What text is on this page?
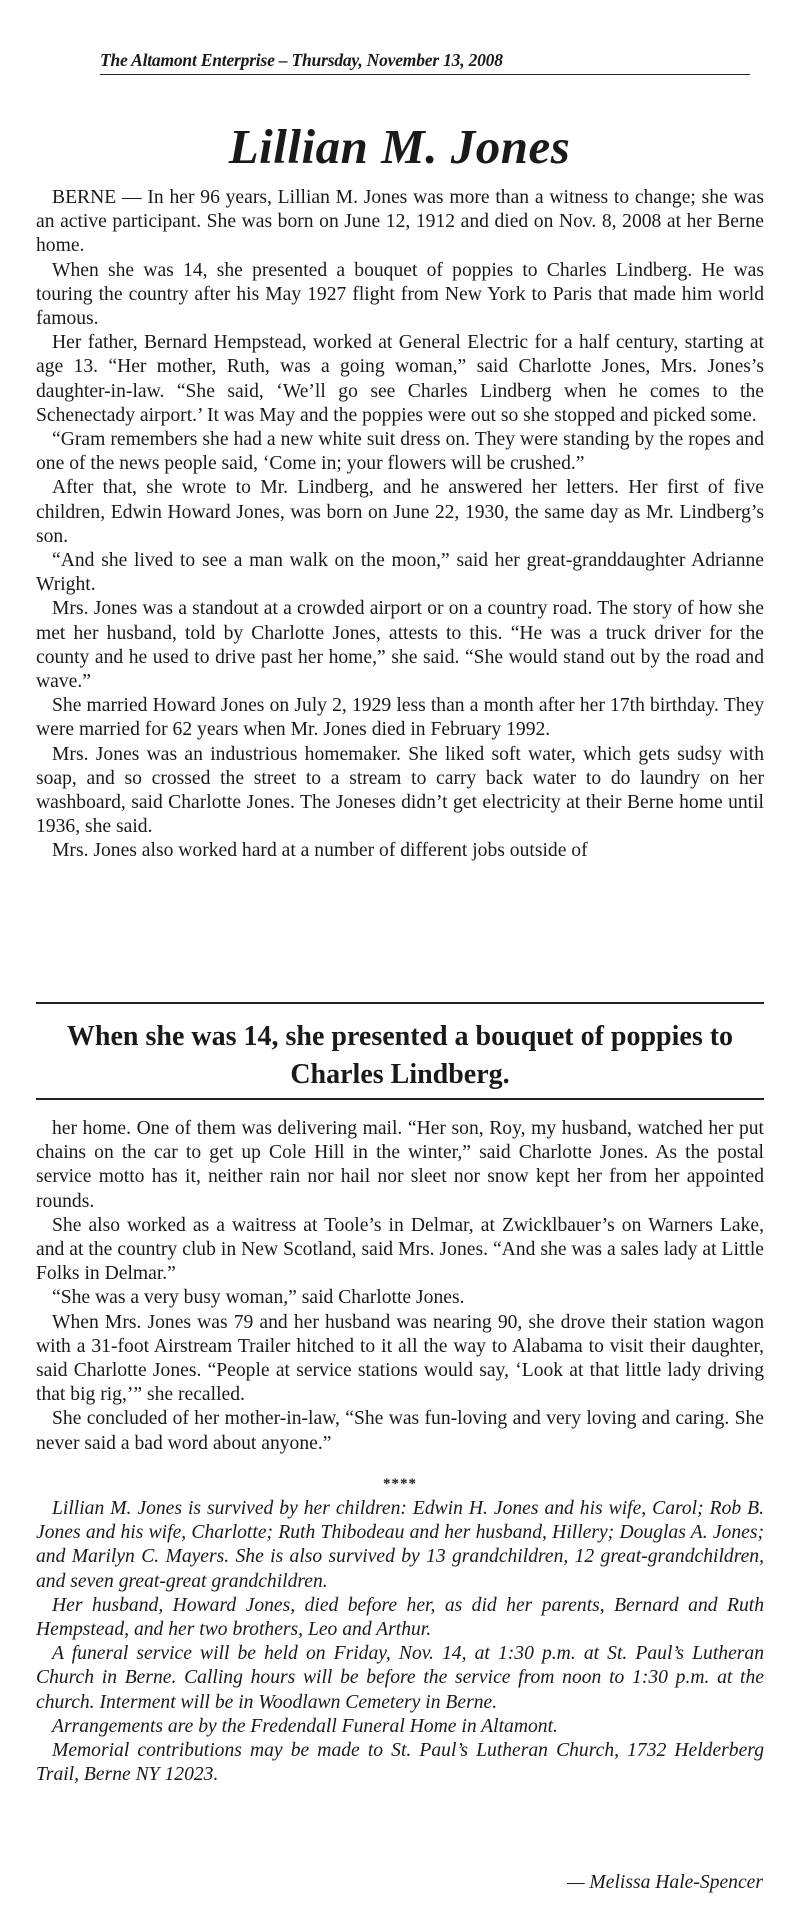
The Altamont Enterprise – Thursday, November 13, 2008
Lillian M. Jones

BERNE — In her 96 years, Lillian M. Jones was more than a witness to change; she was an active participant. She was born on June 12, 1912 and died on Nov. 8, 2008 at her Berne home.

When she was 14, she presented a bouquet of poppies to Charles Lindberg. He was touring the country after his May 1927 flight from New York to Paris that made him world famous.

Her father, Bernard Hempstead, worked at General Electric for a half century, starting at age 13. “Her mother, Ruth, was a going woman,” said Charlotte Jones, Mrs. Jones’s daughter-in-law. “She said, ‘We’ll go see Charles Lindberg when he comes to the Schenectady airport.’ It was May and the poppies were out so she stopped and picked some.

“Gram remembers she had a new white suit dress on. They were standing by the ropes and one of the news people said, ‘Come in; your flowers will be crushed.”

After that, she wrote to Mr. Lindberg, and he answered her letters. Her first of five children, Edwin Howard Jones, was born on June 22, 1930, the same day as Mr. Lindberg’s son.

“And she lived to see a man walk on the moon,” said her great-granddaughter Adrianne Wright.

Mrs. Jones was a standout at a crowded airport or on a country road. The story of how she met her husband, told by Charlotte Jones, attests to this. “He was a truck driver for the county and he used to drive past her home,” she said. “She would stand out by the road and wave.”

She married Howard Jones on July 2, 1929 less than a month after her 17th birthday. They were married for 62 years when Mr. Jones died in February 1992.

Mrs. Jones was an industrious homemaker. She liked soft water, which gets sudsy with soap, and so crossed the street to a stream to carry back water to do laundry on her washboard, said Charlotte Jones. The Joneses didn’t get electricity at their Berne home until 1936, she said.

Mrs. Jones also worked hard at a number of different jobs outside of

When she was 14, she presented a bouquet of poppies to Charles Lindberg.

her home. One of them was delivering mail. “Her son, Roy, my husband, watched her put chains on the car to get up Cole Hill in the winter,” said Charlotte Jones. As the postal service motto has it, neither rain nor hail nor sleet nor snow kept her from her appointed rounds.

She also worked as a waitress at Toole’s in Delmar, at Zwicklbauer’s on Warners Lake, and at the country club in New Scotland, said Mrs. Jones. “And she was a sales lady at Little Folks in Delmar.”

“She was a very busy woman,” said Charlotte Jones.

When Mrs. Jones was 79 and her husband was nearing 90, she drove their station wagon with a 31-foot Airstream Trailer hitched to it all the way to Alabama to visit their daughter, said Charlotte Jones. “People at service stations would say, ‘Look at that little lady driving that big rig,’” she recalled.

She concluded of her mother-in-law, “She was fun-loving and very loving and caring. She never said a bad word about anyone.”

****

Lillian M. Jones is survived by her children: Edwin H. Jones and his wife, Carol; Rob B. Jones and his wife, Charlotte; Ruth Thibodeau and her husband, Hillery; Douglas A. Jones; and Marilyn C. Mayers. She is also survived by 13 grandchildren, 12 great-grandchildren, and seven great-great grandchildren.

Her husband, Howard Jones, died before her, as did her parents, Bernard and Ruth Hempstead, and her two brothers, Leo and Arthur.

A funeral service will be held on Friday, Nov. 14, at 1:30 p.m. at St. Paul’s Lutheran Church in Berne. Calling hours will be before the service from noon to 1:30 p.m. at the church. Interment will be in Woodlawn Cemetery in Berne.

Arrangements are by the Fredendall Funeral Home in Altamont.

Memorial contributions may be made to St. Paul’s Lutheran Church, 1732 Helderberg Trail, Berne NY 12023.

— Melissa Hale-Spencer
